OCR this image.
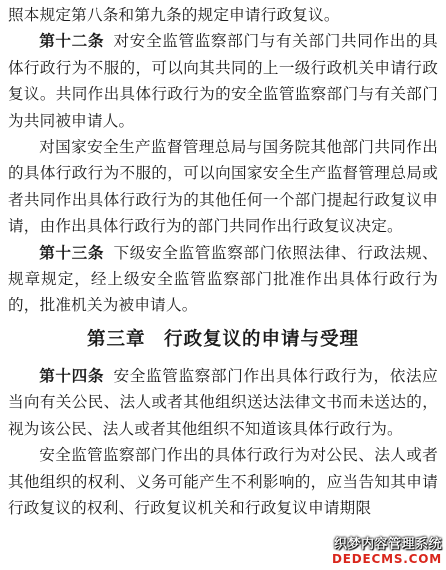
照本规定第八条和第九条的规定申请行政复议。

第十二条 对安全监管监察部门与有关部门共同作出的具体行政行为不服的，可以向其共同的上一级行政机关申请行政复议。共同作出具体行政行为的安全监管监察部门与有关部门为共同被申请人。

对国家安全生产监督管理总局与国务院其他部门共同作出的具体行政行为不服的，可以向国家安全生产监督管理总局或者共同作出具体行政行为的其他任何一个部门提起行政复议申请，由作出具体行政行为的部门共同作出行政复议决定。

第十三条 下级安全监管监察部门依照法律、行政法规、规章规定，经上级安全监管监察部门批准作出具体行政行为的，批准机关为被申请人。

第三章 行政复议的申请与受理

第十四条 安全监管监察部门作出具体行政行为，依法应当向有关公民、法人或者其他组织送达法律文书而未送达的，视为该公民、法人或者其他组织不知道该具体行政行为。

安全监管监察部门作出的具体行政行为对公民、法人或者其他组织的权利、义务可能产生不利影响的，应当告知其申请行政复议的权利、行政复议机关和行政复议申请期限

织梦内容管理系统
DEDECMS.COM
